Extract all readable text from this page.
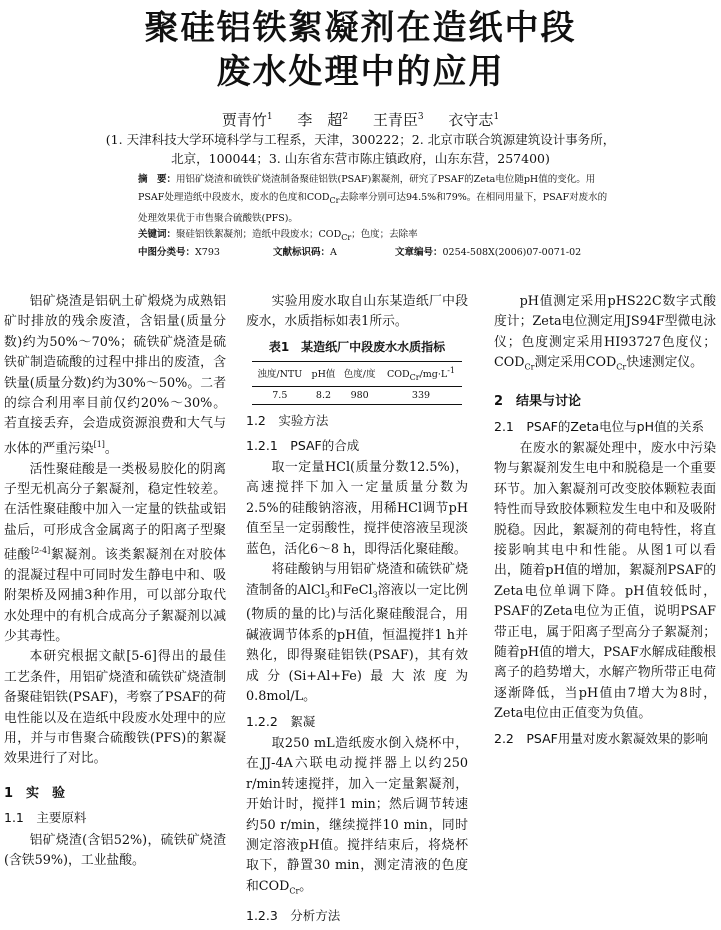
聚硅铝铁絮凝剂在造纸中段
废水处理中的应用
贾青竹$^1$ 李　超$^2$ 王青臣$^3$ 衣守志$^1$
(1. 天津科技大学环境科学与工程系，天津，300222；2. 北京市联合筑源建筑设计事务所，
北京，100044；3. 山东省东营市陈庄镇政府，山东东营，257400)
摘　要：用铝矿烧渣和硫铁矿烧渣制备聚硅铝铁(PSAF)絮凝剂，研究了PSAF的Zeta电位随pH值的变化。用PSAF处理造纸中段废水，废水的色度和$COD_{Cr}$去除率分别可达94.5%和79%。在相同用量下，PSAF对废水的处理效果优于市售聚合硫酸铁(PFS)。
关键词：聚硅铝铁絮凝剂；造纸中段废水；$COD_{Cr}$；色度；去除率
中图分类号：X793	文献标识码：A	文章编号：0254-508X(2006)07-0071-02

铝矿烧渣是铝矾土矿煅烧为成熟铝矿时排放的残余废渣，含铝量(质量分数)约为50%～70%；硫铁矿烧渣是硫铁矿制造硫酸的过程中排出的废渣，含铁量(质量分数)约为30%～50%。二者的综合利用率目前仅约20%～30%。若直接丢弃，会造成资源浪费和大气与水体的严重污染[1]。

活性聚硅酸是一类极易胶化的阴离子型无机高分子絮凝剂，稳定性较差。在活性聚硅酸中加入一定量的铁盐或铝盐后，可形成含金属离子的阳离子型聚硅酸[2-4]絮凝剂。该类絮凝剂在对胶体的混凝过程中可同时发生静电中和、吸附架桥及网捕3种作用，可以部分取代水处理中的有机合成高分子絮凝剂以减少其毒性。

本研究根据文献[5-6]得出的最佳工艺条件，用铝矿烧渣和硫铁矿烧渣制备聚硅铝铁(PSAF)，考察了PSAF的荷电性能以及在造纸中段废水处理中的应用，并与市售聚合硫酸铁(PFS)的絮凝效果进行了对比。

1　实　验
1.1　主要原料

铝矿烧渣(含铝52%)，硫铁矿烧渣(含铁59%)，工业盐酸。

实验用废水取自山东某造纸厂中段废水，水质指标如表1所示。

表1　某造纸厂中段废水水质指标
浊度/NTU	pH值	色度/度	$COD_{Cr}/mg\cdot L^{-1}$
7.5	8.2	980	339
1.2　实验方法
1.2.1　PSAF的合成

取一定量HCl(质量分数12.5%)，高速搅拌下加入一定量质量分数为2.5%的硅酸钠溶液，用稀HCl调节pH值至呈一定弱酸性，搅拌使溶液呈现淡蓝色，活化6～8 h，即得活化聚硅酸。

将硅酸钠与用铝矿烧渣和硫铁矿烧渣制备的AlCl$_3$和FeCl$_3$溶液以一定比例(物质的量的比)与活化聚硅酸混合，用碱液调节体系的pH值，恒温搅拌1 h并熟化，即得聚硅铝铁(PSAF)，其有效成分(Si+Al+Fe)最大浓度为0.8mol/L。

1.2.2　絮凝

取250 mL造纸废水倒入烧杯中，在JJ-4A六联电动搅拌器上以约250 r/min转速搅拌，加入一定量絮凝剂，开始计时，搅拌1 min；然后调节转速约50 r/min，继续搅拌10 min，同时测定溶液pH值。搅拌结束后，将烧杯取下，静置30 min，测定清液的色度和$COD_{Cr}$。

1.2.3　分析方法

pH值测定采用pHS22C数字式酸度计；Zeta电位测定用JS94F型微电泳仪；色度测定采用HI93727色度仪；$COD_{Cr}$测定采用$COD_{Cr}$快速测定仪。

2　结果与讨论
2.1　PSAF的Zeta电位与pH值的关系

在废水的絮凝处理中，废水中污染物与絮凝剂发生电中和脱稳是一个重要环节。加入絮凝剂可改变胶体颗粒表面特性而导致胶体颗粒发生电中和及吸附脱稳。因此，絮凝剂的荷电特性，将直接影响其电中和性能。从图1可以看出，随着pH值的增加，絮凝剂PSAF的Zeta电位单调下降。pH值较低时，PSAF的Zeta电位为正值，说明PSAF带正电，属于阳离子型高分子絮凝剂；随着pH值的增大，PSAF水解成硅酸根离子的趋势增大，水解产物所带正电荷逐渐降低，当pH值由7增大为8时，Zeta电位由正值变为负值。

2.2　PSAF用量对废水絮凝效果的影响
